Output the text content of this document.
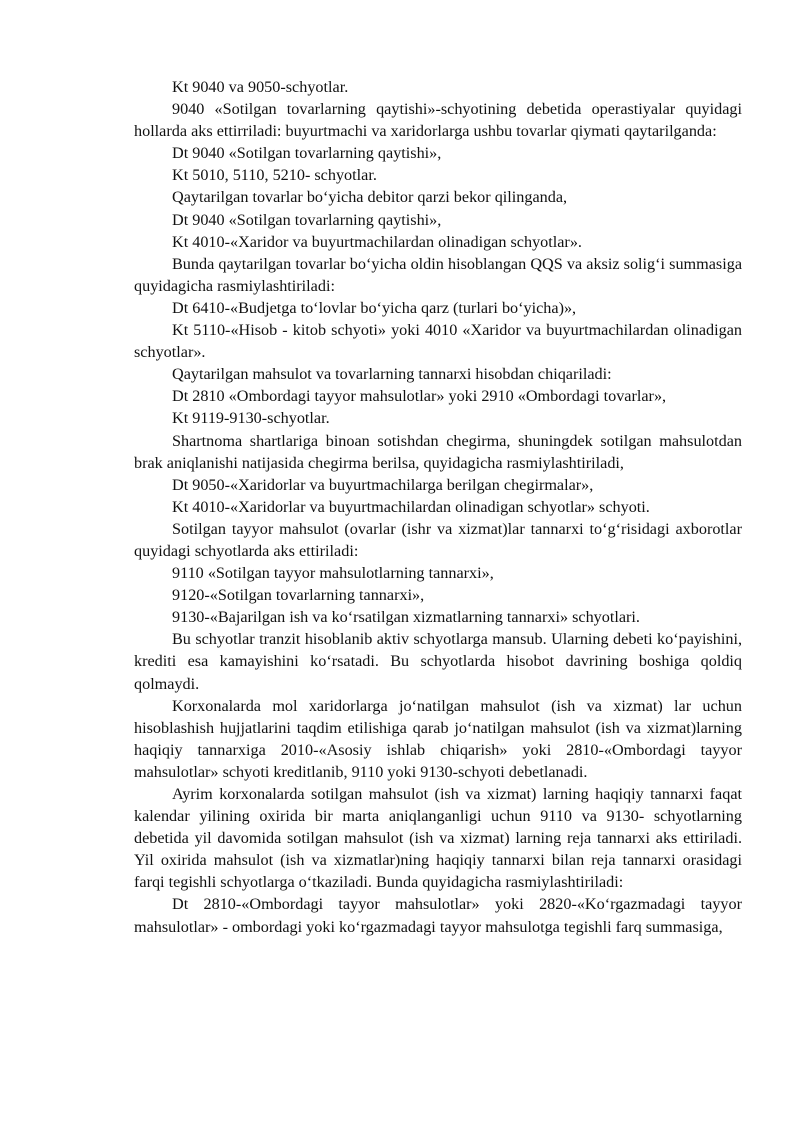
Kt 9040 va 9050-schyotlar.

9040 «Sotilgan tovarlarning qaytishi»-schyotining debetida operastiyalar quyidagi hollarda aks ettirriladi: buyurtmachi va xaridorlarga ushbu tovarlar qiymati qaytarilganda:

Dt 9040 «Sotilgan tovarlarning qaytishi»,

Kt 5010, 5110, 5210- schyotlar.

Qaytarilgan tovarlar bo‘yicha debitor qarzi bekor qilinganda,

Dt 9040 «Sotilgan tovarlarning qaytishi»,

Kt 4010-«Xaridor va buyurtmachilardan olinadigan schyotlar».

Bunda qaytarilgan tovarlar bo‘yicha oldin hisoblangan QQS va aksiz solig‘i summasiga quyidagicha rasmiylashtiriladi:

Dt 6410-«Budjetga to‘lovlar bo‘yicha qarz (turlari bo‘yicha)»,

Kt 5110-«Hisob - kitob schyoti» yoki 4010 «Xaridor va buyurtmachilardan olinadigan schyotlar».

Qaytarilgan mahsulot va tovarlarning tannarxi hisobdan chiqariladi:

Dt 2810 «Ombordagi tayyor mahsulotlar» yoki 2910 «Ombordagi tovarlar»,

Kt 9119-9130-schyotlar.

Shartnoma shartlariga binoan sotishdan chegirma, shuningdek sotilgan mahsulotdan brak aniqlanishi natijasida chegirma berilsa, quyidagicha rasmiylashtiriladi,

Dt 9050-«Xaridorlar va buyurtmachilarga berilgan chegirmalar»,

Kt 4010-«Xaridorlar va buyurtmachilardan olinadigan schyotlar» schyoti.

Sotilgan tayyor mahsulot (ovarlar (ishr va xizmat)lar tannarxi to‘g‘risidagi axborotlar quyidagi schyotlarda aks ettiriladi:

9110 «Sotilgan tayyor mahsulotlarning tannarxi»,

9120-«Sotilgan tovarlarning tannarxi»,

9130-«Bajarilgan ish va ko‘rsatilgan xizmatlarning tannarxi» schyotlari.

Bu schyotlar tranzit hisoblanib aktiv schyotlarga mansub. Ularning debeti ko‘payishini, krediti esa kamayishini ko‘rsatadi. Bu schyotlarda hisobot davrining boshiga qoldiq qolmaydi.

Korxonalarda mol xaridorlarga jo‘natilgan mahsulot (ish va xizmat) lar uchun hisoblashish hujjatlarini taqdim etilishiga qarab jo‘natilgan mahsulot (ish va xizmat)larning haqiqiy tannarxiga 2010-«Asosiy ishlab chiqarish» yoki 2810-«Ombordagi tayyor mahsulotlar» schyoti kreditlanib, 9110 yoki 9130-schyoti debetlanadi.

Ayrim korxonalarda sotilgan mahsulot (ish va xizmat) larning haqiqiy tannarxi faqat kalendar yilining oxirida bir marta aniqlanganligi uchun 9110 va 9130- schyotlarning debetida yil davomida sotilgan mahsulot (ish va xizmat) larning reja tannarxi aks ettiriladi. Yil oxirida mahsulot (ish va xizmatlar)ning haqiqiy tannarxi bilan reja tannarxi orasidagi farqi tegishli schyotlarga o‘tkaziladi. Bunda quyidagicha rasmiylashtiriladi:

Dt 2810-«Ombordagi tayyor mahsulotlar» yoki 2820-«Ko‘rgazmadagi tayyor mahsulotlar» - ombordagi yoki ko‘rgazmadagi tayyor mahsulotga tegishli farq summasiga,
